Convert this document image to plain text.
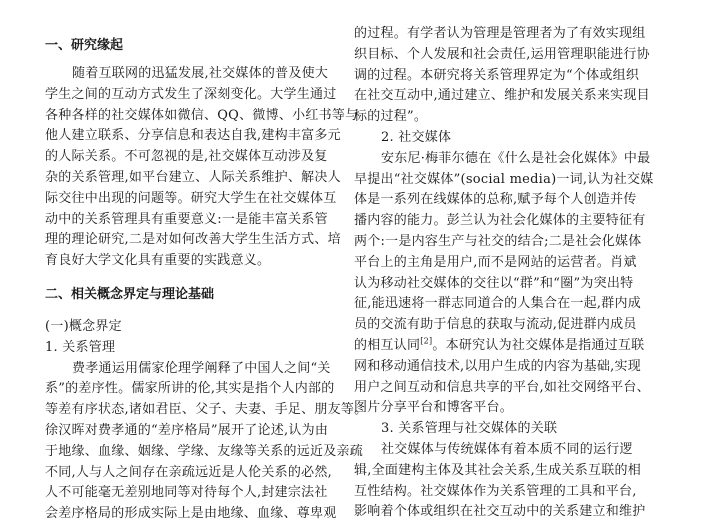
一、研究缘起
随着互联网的迅猛发展,社交媒体的普及使大
学生之间的互动方式发生了深刻变化。大学生通过
各种各样的社交媒体如微信、QQ、微博、小红书等与
他人建立联系、分享信息和表达自我,建构丰富多元
的人际关系。不可忽视的是,社交媒体互动涉及复
杂的关系管理,如平台建立、人际关系维护、解决人
际交往中出现的问题等。研究大学生在社交媒体互
动中的关系管理具有重要意义:一是能丰富关系管
理的理论研究,二是对如何改善大学生生活方式、培
育良好大学文化具有重要的实践意义。
二、相关概念界定与理论基础
(一)概念界定
1. 关系管理
费孝通运用儒家伦理学阐释了中国人之间“关
系”的差序性。儒家所讲的伦,其实是指个人内部的
等差有序状态,诸如君臣、父子、夫妻、手足、朋友等。
徐汉晖对费孝通的“差序格局”展开了论述,认为由
于地缘、血缘、姻缘、学缘、友缘等关系的远近及亲疏
不同,人与人之间存在亲疏远近是人伦关系的必然,
人不可能毫无差别地同等对待每个人,封建宗法社
会差序格局的形成实际上是由地缘、血缘、尊卑观
的过程。有学者认为管理是管理者为了有效实现组
织目标、个人发展和社会责任,运用管理职能进行协
调的过程。本研究将关系管理界定为“个体或组织
在社交互动中,通过建立、维护和发展关系来实现目
标的过程”。
2. 社交媒体
安东尼·梅菲尔德在《什么是社会化媒体》中最
早提出“社交媒体”(social media)一词,认为社交媒
体是一系列在线媒体的总称,赋予每个人创造并传
播内容的能力。彭兰认为社会化媒体的主要特征有
两个:一是内容生产与社交的结合;二是社会化媒体
平台上的主角是用户,而不是网站的运营者。肖斌
认为移动社交媒体的交往以“群”和“圈”为突出特
征,能迅速将一群志同道合的人集合在一起,群内成
员的交流有助于信息的获取与流动,促进群内成员
的相互认同[2]。本研究认为社交媒体是指通过互联
网和移动通信技术,以用户生成的内容为基础,实现
用户之间互动和信息共享的平台,如社交网络平台、
图片分享平台和博客平台。
3. 关系管理与社交媒体的关联
社交媒体与传统媒体有着本质不同的运行逻
辑,全面建构主体及其社会关系,生成关系互联的相
互性结构。社交媒体作为关系管理的工具和平台,
影响着个体或组织在社交互动中的关系建立和维护
